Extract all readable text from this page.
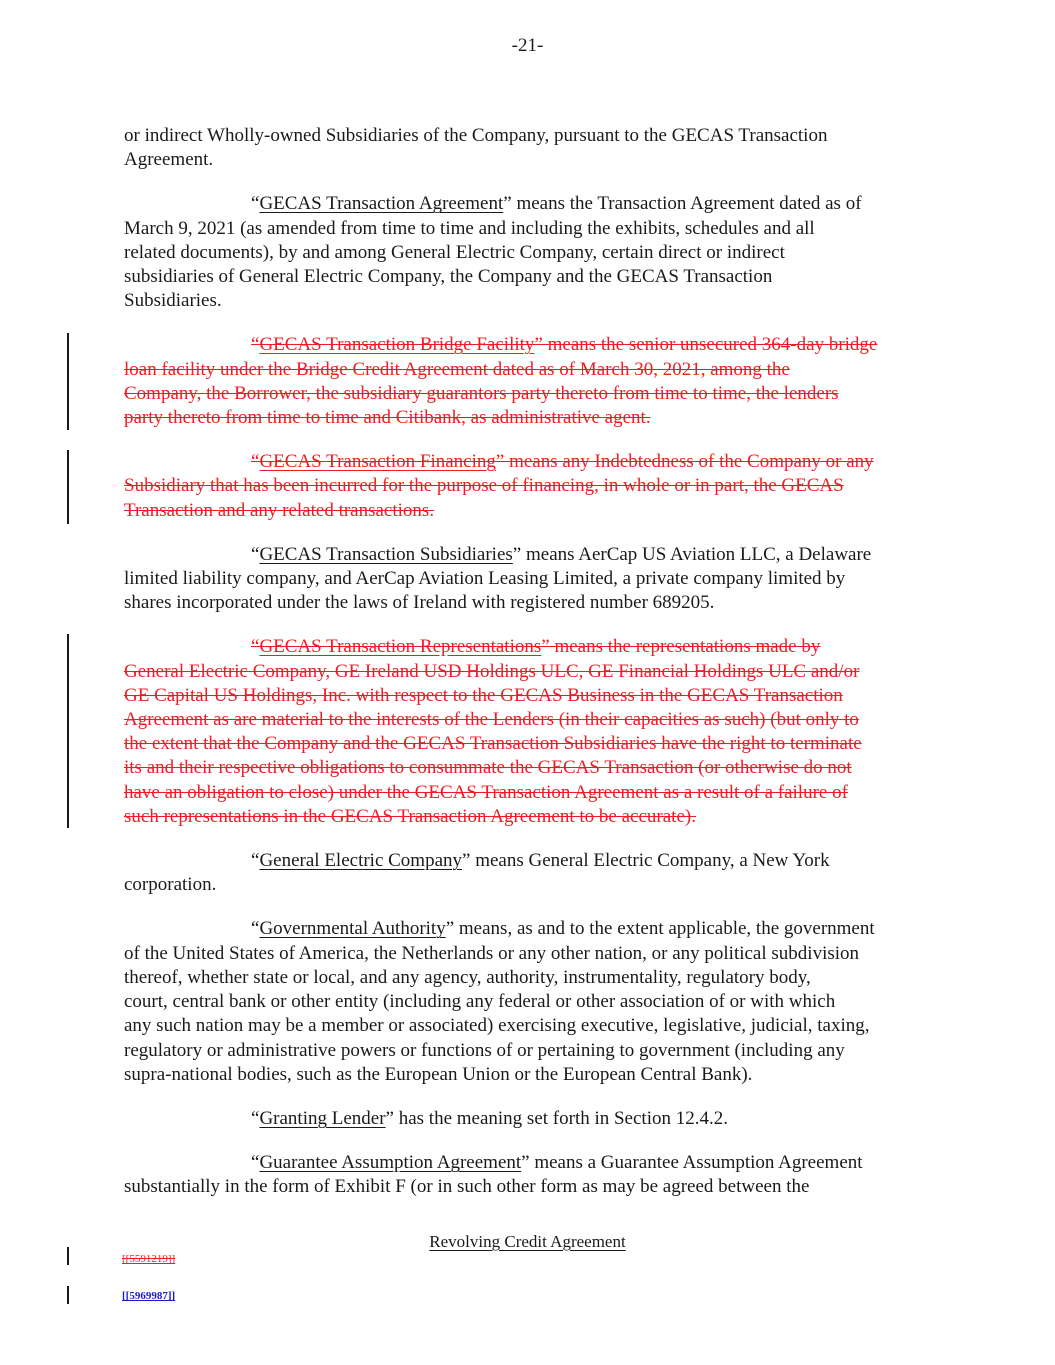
-21-

or indirect Wholly-owned Subsidiaries of the Company, pursuant to the GECAS Transaction
Agreement.

“GECAS Transaction Agreement” means the Transaction Agreement dated as of
March 9, 2021 (as amended from time to time and including the exhibits, schedules and all
related documents), by and among General Electric Company, certain direct or indirect
subsidiaries of General Electric Company, the Company and the GECAS Transaction
Subsidiaries.

“GECAS Transaction Bridge Facility” means the senior unsecured 364-day bridge
loan facility under the Bridge Credit Agreement dated as of March 30, 2021, among the
Company, the Borrower, the subsidiary guarantors party thereto from time to time, the lenders
party thereto from time to time and Citibank, as administrative agent.

“GECAS Transaction Financing” means any Indebtedness of the Company or any
Subsidiary that has been incurred for the purpose of financing, in whole or in part, the GECAS
Transaction and any related transactions.

“GECAS Transaction Subsidiaries” means AerCap US Aviation LLC, a Delaware
limited liability company, and AerCap Aviation Leasing Limited, a private company limited by
shares incorporated under the laws of Ireland with registered number 689205.

“GECAS Transaction Representations” means the representations made by
General Electric Company, GE Ireland USD Holdings ULC, GE Financial Holdings ULC and/or
GE Capital US Holdings, Inc. with respect to the GECAS Business in the GECAS Transaction
Agreement as are material to the interests of the Lenders (in their capacities as such) (but only to
the extent that the Company and the GECAS Transaction Subsidiaries have the right to terminate
its and their respective obligations to consummate the GECAS Transaction (or otherwise do not
have an obligation to close) under the GECAS Transaction Agreement as a result of a failure of
such representations in the GECAS Transaction Agreement to be accurate).

“General Electric Company” means General Electric Company, a New York
corporation.

“Governmental Authority” means, as and to the extent applicable, the government
of the United States of America, the Netherlands or any other nation, or any political subdivision
thereof, whether state or local, and any agency, authority, instrumentality, regulatory body,
court, central bank or other entity (including any federal or other association of or with which
any such nation may be a member or associated) exercising executive, legislative, judicial, taxing,
regulatory or administrative powers or functions of or pertaining to government (including any
supra-national bodies, such as the European Union or the European Central Bank).

“Granting Lender” has the meaning set forth in Section 12.4.2.

“Guarantee Assumption Agreement” means a Guarantee Assumption Agreement
substantially in the form of Exhibit F (or in such other form as may be agreed between the

Revolving Credit Agreement
[[5591219]]
[[5969987]]
